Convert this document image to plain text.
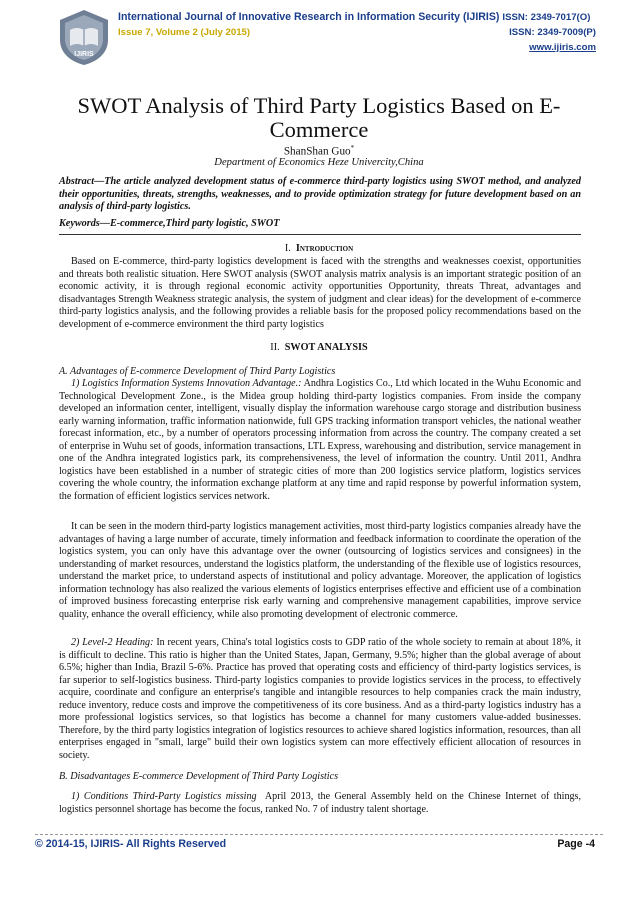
IJIRIS
International Journal of Innovative Research in Information Security (IJIRIS) ISSN: 2349-7017(O)
Issue 7, Volume 2 (July 2015)	ISSN: 2349-7009(P)
www.ijiris.com
SWOT Analysis of Third Party Logistics Based on E-Commerce
ShanShan Guo*
Department of Economics Heze Univercity,China
Abstract—The article analyzed development status of e-commerce third-party logistics using SWOT method, and analyzed their opportunities, threats, strengths, weaknesses, and to provide optimization strategy for future development based on an analysis of third-party logistics.
Keywords—E-commerce,Third party logistic, SWOT
I. Introduction
Based on E-commerce, third-party logistics development is faced with the strengths and weaknesses coexist, opportunities and threats both realistic situation. Here SWOT analysis (SWOT analysis matrix analysis is an important strategic position of an economic activity, it is through regional economic activity opportunities Opportunity, threats Threat, advantages and disadvantages Strength Weakness strategic analysis, the system of judgment and clear ideas) for the development of e-commerce third-party logistics analysis, and the following provides a reliable basis for the proposed policy recommendations based on the development of e-commerce environment the third party logistics
II. SWOT ANALYSIS
A. Advantages of E-commerce Development of Third Party Logistics
1) Logistics Information Systems Innovation Advantage.: Andhra Logistics Co., Ltd which located in the Wuhu Economic and Technological Development Zone., is the Midea group holding third-party logistics companies. From inside the company developed an information center, intelligent, visually display the information warehouse cargo storage and distribution business early warning information, traffic information nationwide, full GPS tracking information transport vehicles, the national weather forecast information, etc., by a number of operators processing information from across the country. The company created a set of enterprise in Wuhu set of goods, information transactions, LTL Express, warehousing and distribution, service management in one of the Andhra integrated logistics park, its comprehensiveness, the level of information the country. Until 2011, Andhra logistics have been established in a number of strategic cities of more than 200 logistics service platform, logistics services covering the whole country, the information exchange platform at any time and rapid response by powerful information system, the formation of efficient logistics services network.
It can be seen in the modern third-party logistics management activities, most third-party logistics companies already have the advantages of having a large number of accurate, timely information and feedback information to coordinate the operation of the logistics system, you can only have this advantage over the owner (outsourcing of logistics services and consignees) in the understanding of market resources, understand the logistics platform, the understanding of the flexible use of logistics resources, understand the market price, to understand aspects of institutional and policy advantage. Moreover, the application of logistics information technology has also realized the various elements of logistics enterprises effective and efficient use of a combination of improved business forecasting enterprise risk early warning and comprehensive management capabilities, improve service quality, enhance the overall efficiency, while also promoting development of electronic commerce.
2) Level-2 Heading: In recent years, China's total logistics costs to GDP ratio of the whole society to remain at about 18%, it is difficult to decline. This ratio is higher than the United States, Japan, Germany, 9.5%; higher than the global average of about 6.5%; higher than India, Brazil 5-6%. Practice has proved that operating costs and efficiency of third-party logistics services, is far superior to self-logistics business. Third-party logistics companies to provide logistics services in the process, to effectively acquire, coordinate and configure an enterprise's tangible and intangible resources to help companies crack the main industry, reduce inventory, reduce costs and improve the competitiveness of its core business. And as a third-party logistics industry has a more professional logistics services, so that logistics has become a channel for many customers value-added businesses. Therefore, by the third party logistics integration of logistics resources to achieve shared logistics information, resources, than all enterprises engaged in "small, large" build their own logistics system can more effectively efficient allocation of resources in society.
B. Disadvantages E-commerce Development of Third Party Logistics
1) Conditions Third-Party Logistics missing April 2013, the General Assembly held on the Chinese Internet of things, logistics personnel shortage has become the focus, ranked No. 7 of industry talent shortage.
© 2014-15, IJIRIS- All Rights Reserved	Page -4
